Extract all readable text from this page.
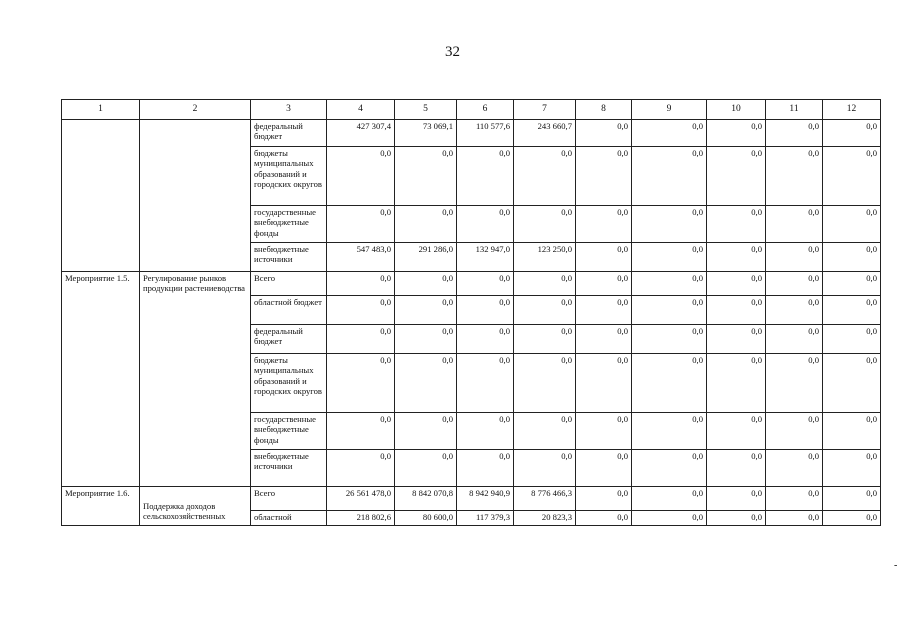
32
1	2	3	4	5	6	7	8	9	10	11	12
		федеральный бюджет	427 307,4	73 069,1	110 577,6	243 660,7	0,0	0,0	0,0	0,0	0,0
		бюджеты муниципальных образований и городских округов	0,0	0,0	0,0	0,0	0,0	0,0	0,0	0,0	0,0
		государственные внебюджетные фонды	0,0	0,0	0,0	0,0	0,0	0,0	0,0	0,0	0,0
		внебюджетные источники	547 483,0	291 286,0	132 947,0	123 250,0	0,0	0,0	0,0	0,0	0,0
Мероприятие 1.5.	Регулирование рынков продукции растениеводства	Всего	0,0	0,0	0,0	0,0	0,0	0,0	0,0	0,0	0,0
		областной бюджет	0,0	0,0	0,0	0,0	0,0	0,0	0,0	0,0	0,0
		федеральный бюджет	0,0	0,0	0,0	0,0	0,0	0,0	0,0	0,0	0,0
		бюджеты муниципальных образований и городских округов	0,0	0,0	0,0	0,0	0,0	0,0	0,0	0,0	0,0
		государственные внебюджетные фонды	0,0	0,0	0,0	0,0	0,0	0,0	0,0	0,0	0,0
		внебюджетные источники	0,0	0,0	0,0	0,0	0,0	0,0	0,0	0,0	0,0
Мероприятие 1.6.	Поддержка доходов сельскохозяйственных	Всего	26 561 478,0	8 842 070,8	8 942 940,9	8 776 466,3	0,0	0,0	0,0	0,0	0,0
		областной	218 802,6	80 600,0	117 379,3	20 823,3	0,0	0,0	0,0	0,0	0,0
-
